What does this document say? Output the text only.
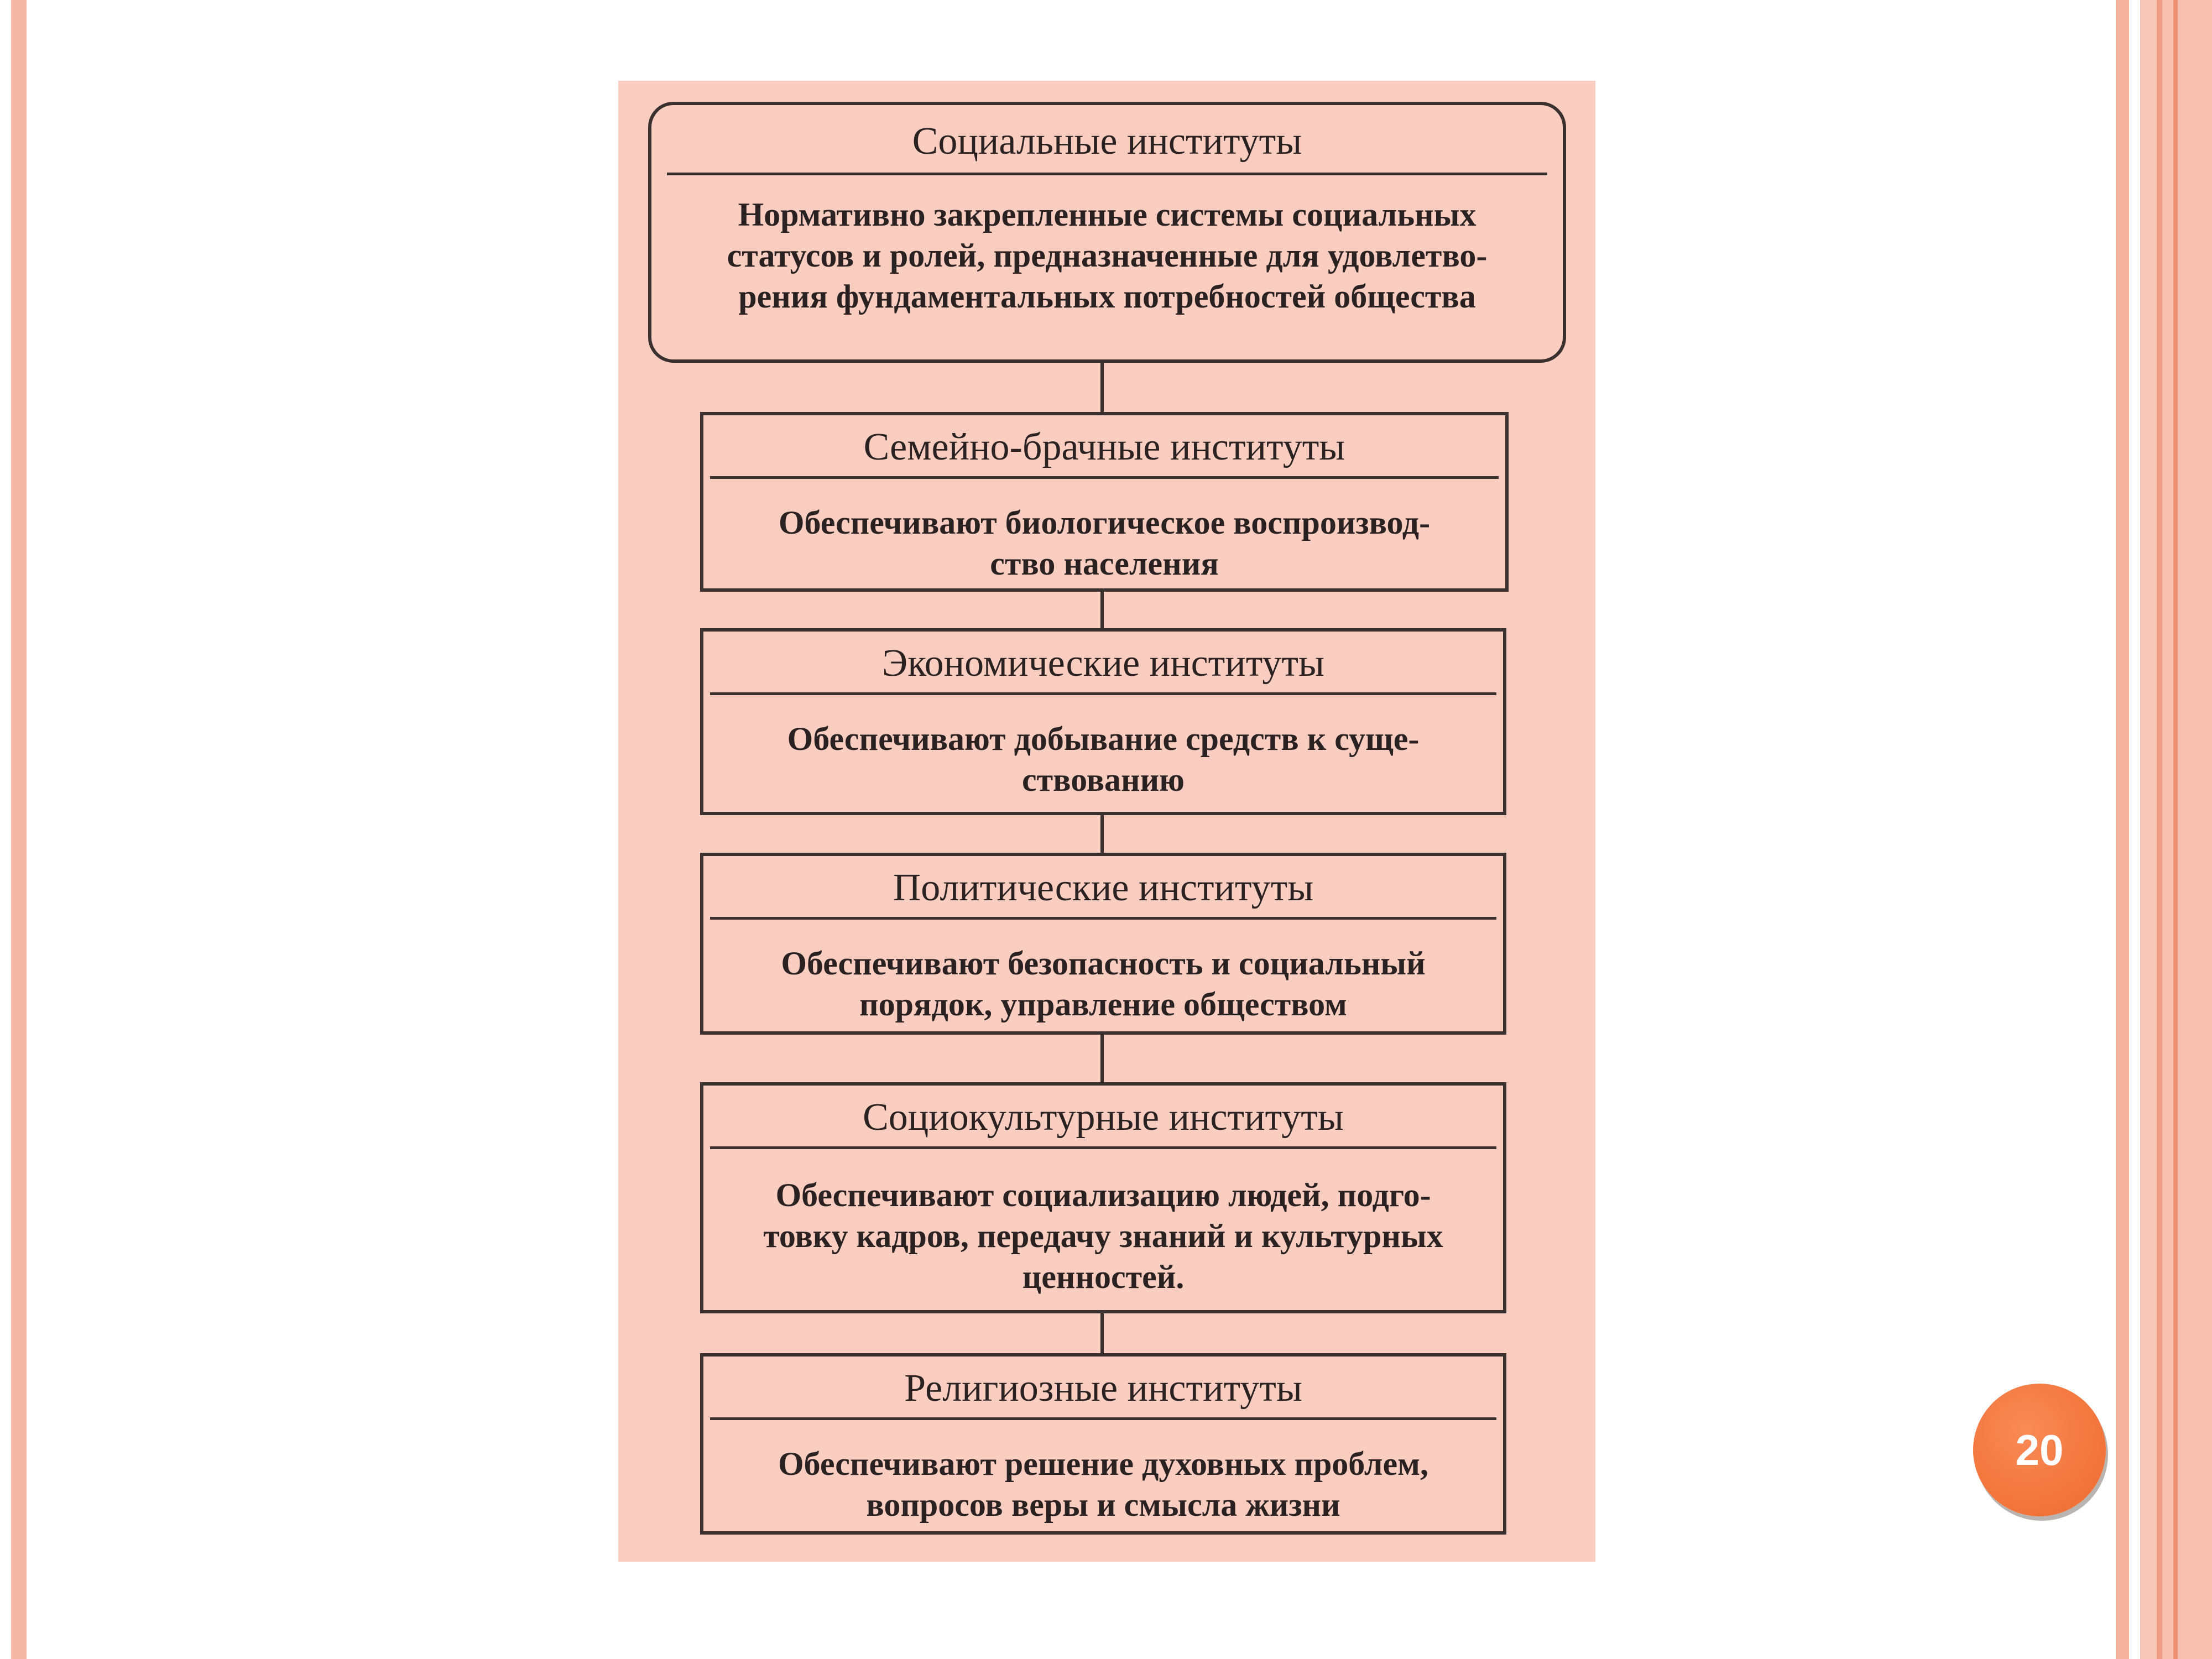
Социальные институты
Нормативно закрепленные системы социальных
статусов и ролей, предназначенные для удовлетво-
рения фундаментальных потребностей общества
Семейно-брачные институты
Обеспечивают биологическое воспроизвод-
ство населения
Экономические институты
Обеспечивают добывание средств к суще-
ствованию
Политические институты
Обеспечивают безопасность и социальный
порядок, управление обществом
Социокультурные институты
Обеспечивают социализацию людей, подго-
товку кадров, передачу знаний и культурных
ценностей.
Религиозные институты
Обеспечивают решение духовных проблем,
вопросов веры и смысла жизни
20
